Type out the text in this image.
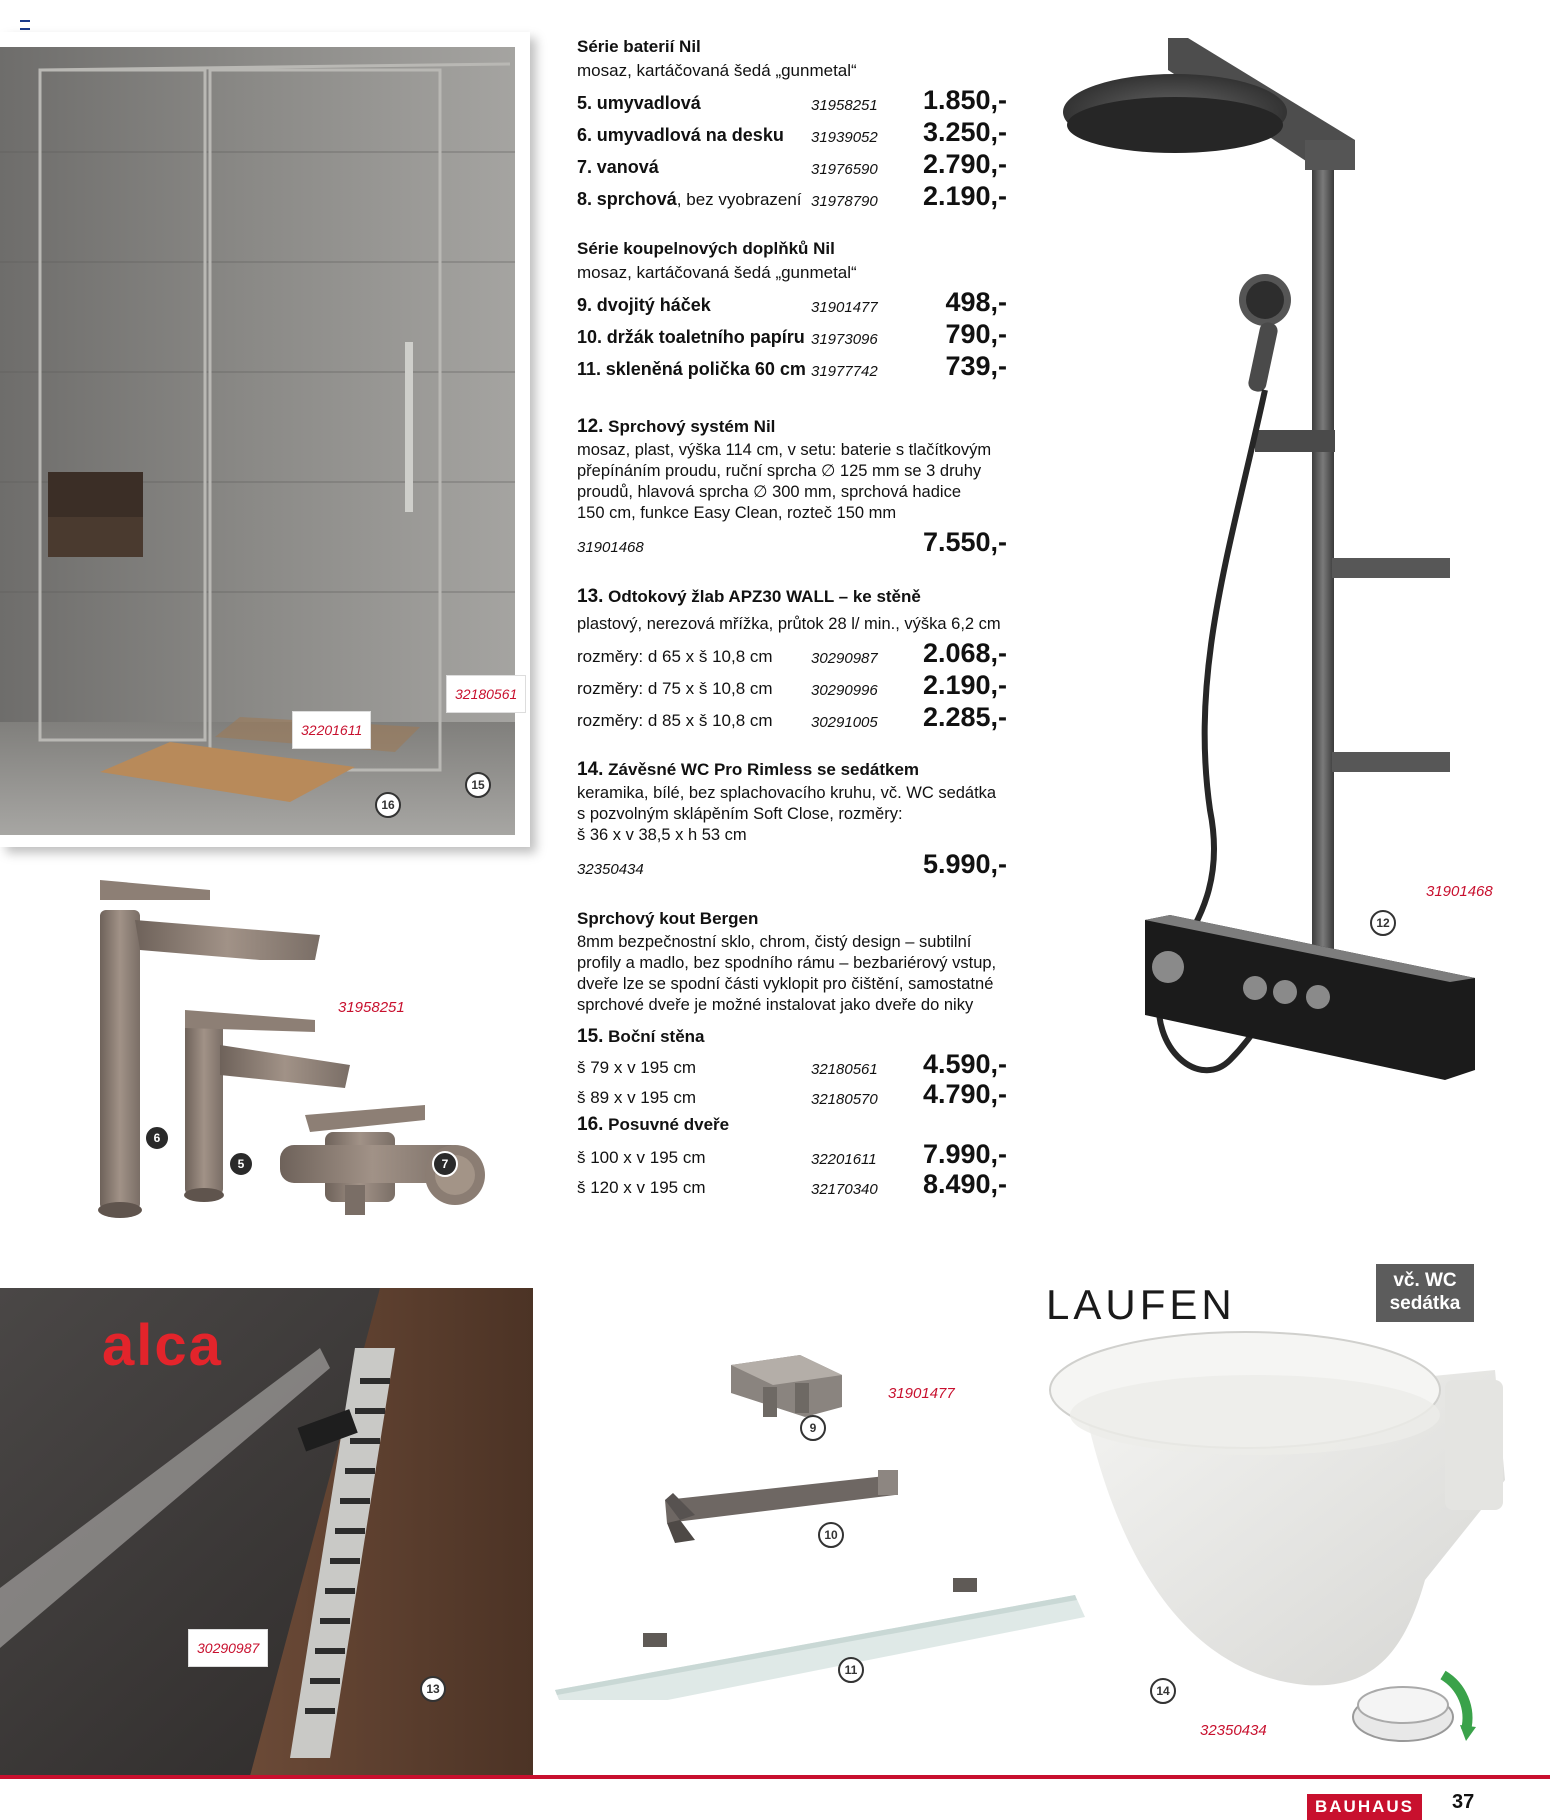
32201611
32180561
16
15
31958251
6
5	7
alca
30290987
13
Série baterií Nil
mosaz, kartáčovaná šedá „gunmetal“
5. umyvadlová	31958251	1.850,-
6. umyvadlová na desku	31939052	3.250,-
7. vanová	31976590	2.790,-
8. sprchová, bez vyobrazení 31978790	2.190,-
Série koupelnových doplňků Nil
mosaz, kartáčovaná šedá „gunmetal“
9. dvojitý háček	31901477	498,-
10. držák toaletního papíru 31973096	790,-
11. skleněná polička 60 cm 31977742	739,-
12. Sprchový systém Nil

mosaz, plast, výška 114 cm, v setu: baterie s tlačítkovým

přepínáním proudu, ruční sprcha ∅ 125 mm se 3 druhy

proudů, hlavová sprcha ∅ 300 mm, sprchová hadice

150 cm, funkce Easy Clean, rozteč 150 mm

31901468	7.550,-
13. Odtokový žlab APZ30 WALL – ke stěně

plastový, nerezová mřížka, průtok 28 l/ min., výška 6,2 cm

rozměry: d 65 x š 10,8 cm	30290987	2.068,-
rozměry: d 75 x š 10,8 cm	30290996	2.190,-
rozměry: d 85 x š 10,8 cm	30291005	2.285,-
14. Závěsné WC Pro Rimless se sedátkem

keramika, bílé, bez splachovacího kruhu, vč. WC sedátka

s pozvolným sklápěním Soft Close, rozměry:

š 36 x v 38,5 x h 53 cm

32350434	5.990,-
Sprchový kout Bergen

8mm bezpečnostní sklo, chrom, čistý design – subtilní

profily a madlo, bez spodního rámu – bezbariérový vstup,

dveře lze se spodní části vyklopit pro čištění, samostatné

sprchové dveře je možné instalovat jako dveře do niky

15. Boční stěna
š 79 x v 195 cm	32180561	4.590,-
š 89 x v 195 cm	32180570	4.790,-
16. Posuvné dveře
š 100 x v 195 cm	32201611	7.990,-
š 120 x v 195 cm	32170340	8.490,-
31901468
12
31901477
9
10
11
LAUFEN
vč. WC
sedátka
14
32350434
BAUHAUS	37
